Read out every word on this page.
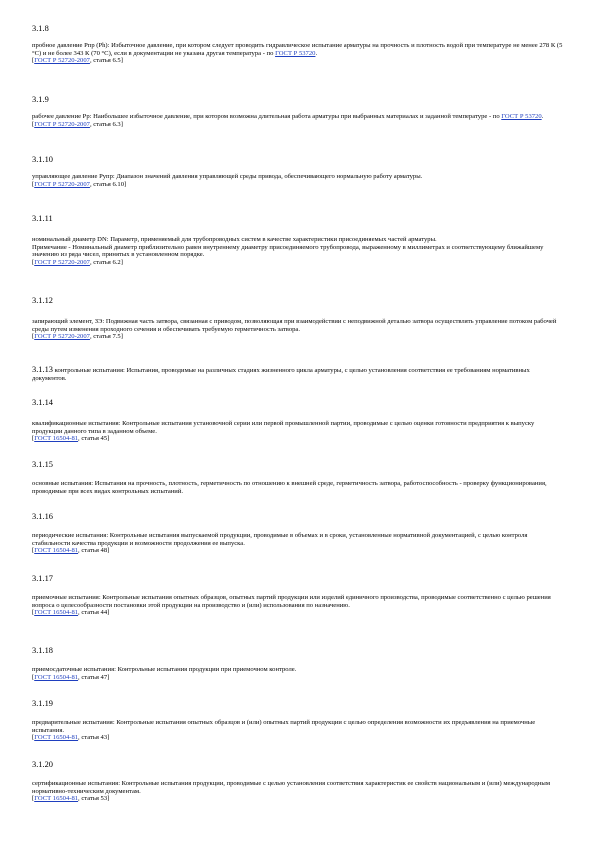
3.1.8
пробное давление Рпр (Ph): Избыточное давление, при котором следует проводить гидравлическое испытание арматуры на прочность и плотность водой при температуре не менее 278 К (5 °С) и не более 343 К (70 °С), если в документации не указана другая температура - по ГОСТ Р 53720.
[ГОСТ Р 52720-2007, статья 6.5]
3.1.9
рабочее давление Рр: Наибольшее избыточное давление, при котором возможна длительная работа арматуры при выбранных материалах и заданной температуре - по ГОСТ Р 53720.
[ГОСТ Р 52720-2007, статья 6.3]
3.1.10
управляющее давление Pупр: Диапазон значений давления управляющей среды привода, обеспечивающего нормальную работу арматуры.
[ГОСТ Р 52720-2007, статья 6.10]
3.1.11
номинальный диаметр DN: Параметр, применяемый для трубопроводных систем в качестве характеристики присоединяемых частей арматуры.
Примечание - Номинальный диаметр приблизительно равен внутреннему диаметру присоединяемого трубопровода, выраженному в миллиметрах и соответствующему ближайшему значению из ряда чисел, принятых в установленном порядке.
[ГОСТ Р 52720-2007, статья 6.2]
3.1.12
запирающий элемент, ЗЭ: Подвижная часть затвора, связанная с приводом, позволяющая при взаимодействии с неподвижной деталью затвора осуществлять управление потоком рабочей среды путем изменения проходного сечения и обеспечивать требуемую герметичность затвора.
[ГОСТ Р 52720-2007, статья 7.5]
3.1.13 контрольные испытания: Испытания, проводимые на различных стадиях жизненного цикла арматуры, с целью установления соответствия ее требованиям нормативных документов.
3.1.14
квалификационные испытания: Контрольные испытания установочной серии или первой промышленной партии, проводимые с целью оценки готовности предприятия к выпуску продукции данного типа в заданном объеме.
[ГОСТ 16504-81, статья 45]
3.1.15
основные испытания: Испытания на прочность, плотность, герметичность по отношению к внешней среде, герметичность затвора, работоспособность - проверку функционирования, проводимые при всех видах контрольных испытаний.
3.1.16
периодические испытания: Контрольные испытания выпускаемой продукции, проводимые в объемах и в сроки, установленные нормативной документацией, с целью контроля стабильности качества продукции и возможности продолжения ее выпуска.
[ГОСТ 16504-81, статья 48]
3.1.17
приемочные испытания: Контрольные испытания опытных образцов, опытных партий продукции или изделий единичного производства, проводимые соответственно с целью решения вопроса о целесообразности постановки этой продукции на производство и (или) использования по назначению.
[ГОСТ 16504-81, статья 44]
3.1.18
приемосдаточные испытания: Контрольные испытания продукции при приемочном контроле.
[ГОСТ 16504-81, статья 47]
3.1.19
предварительные испытания: Контрольные испытания опытных образцов и (или) опытных партий продукции с целью определения возможности их предъявления на приемочные испытания.
[ГОСТ 16504-81, статья 43]
3.1.20
сертификационные испытания: Контрольные испытания продукции, проводимые с целью установления соответствия характеристик ее свойств национальным и (или) международным нормативно-техническим документам.
[ГОСТ 16504-81, статья 53]
